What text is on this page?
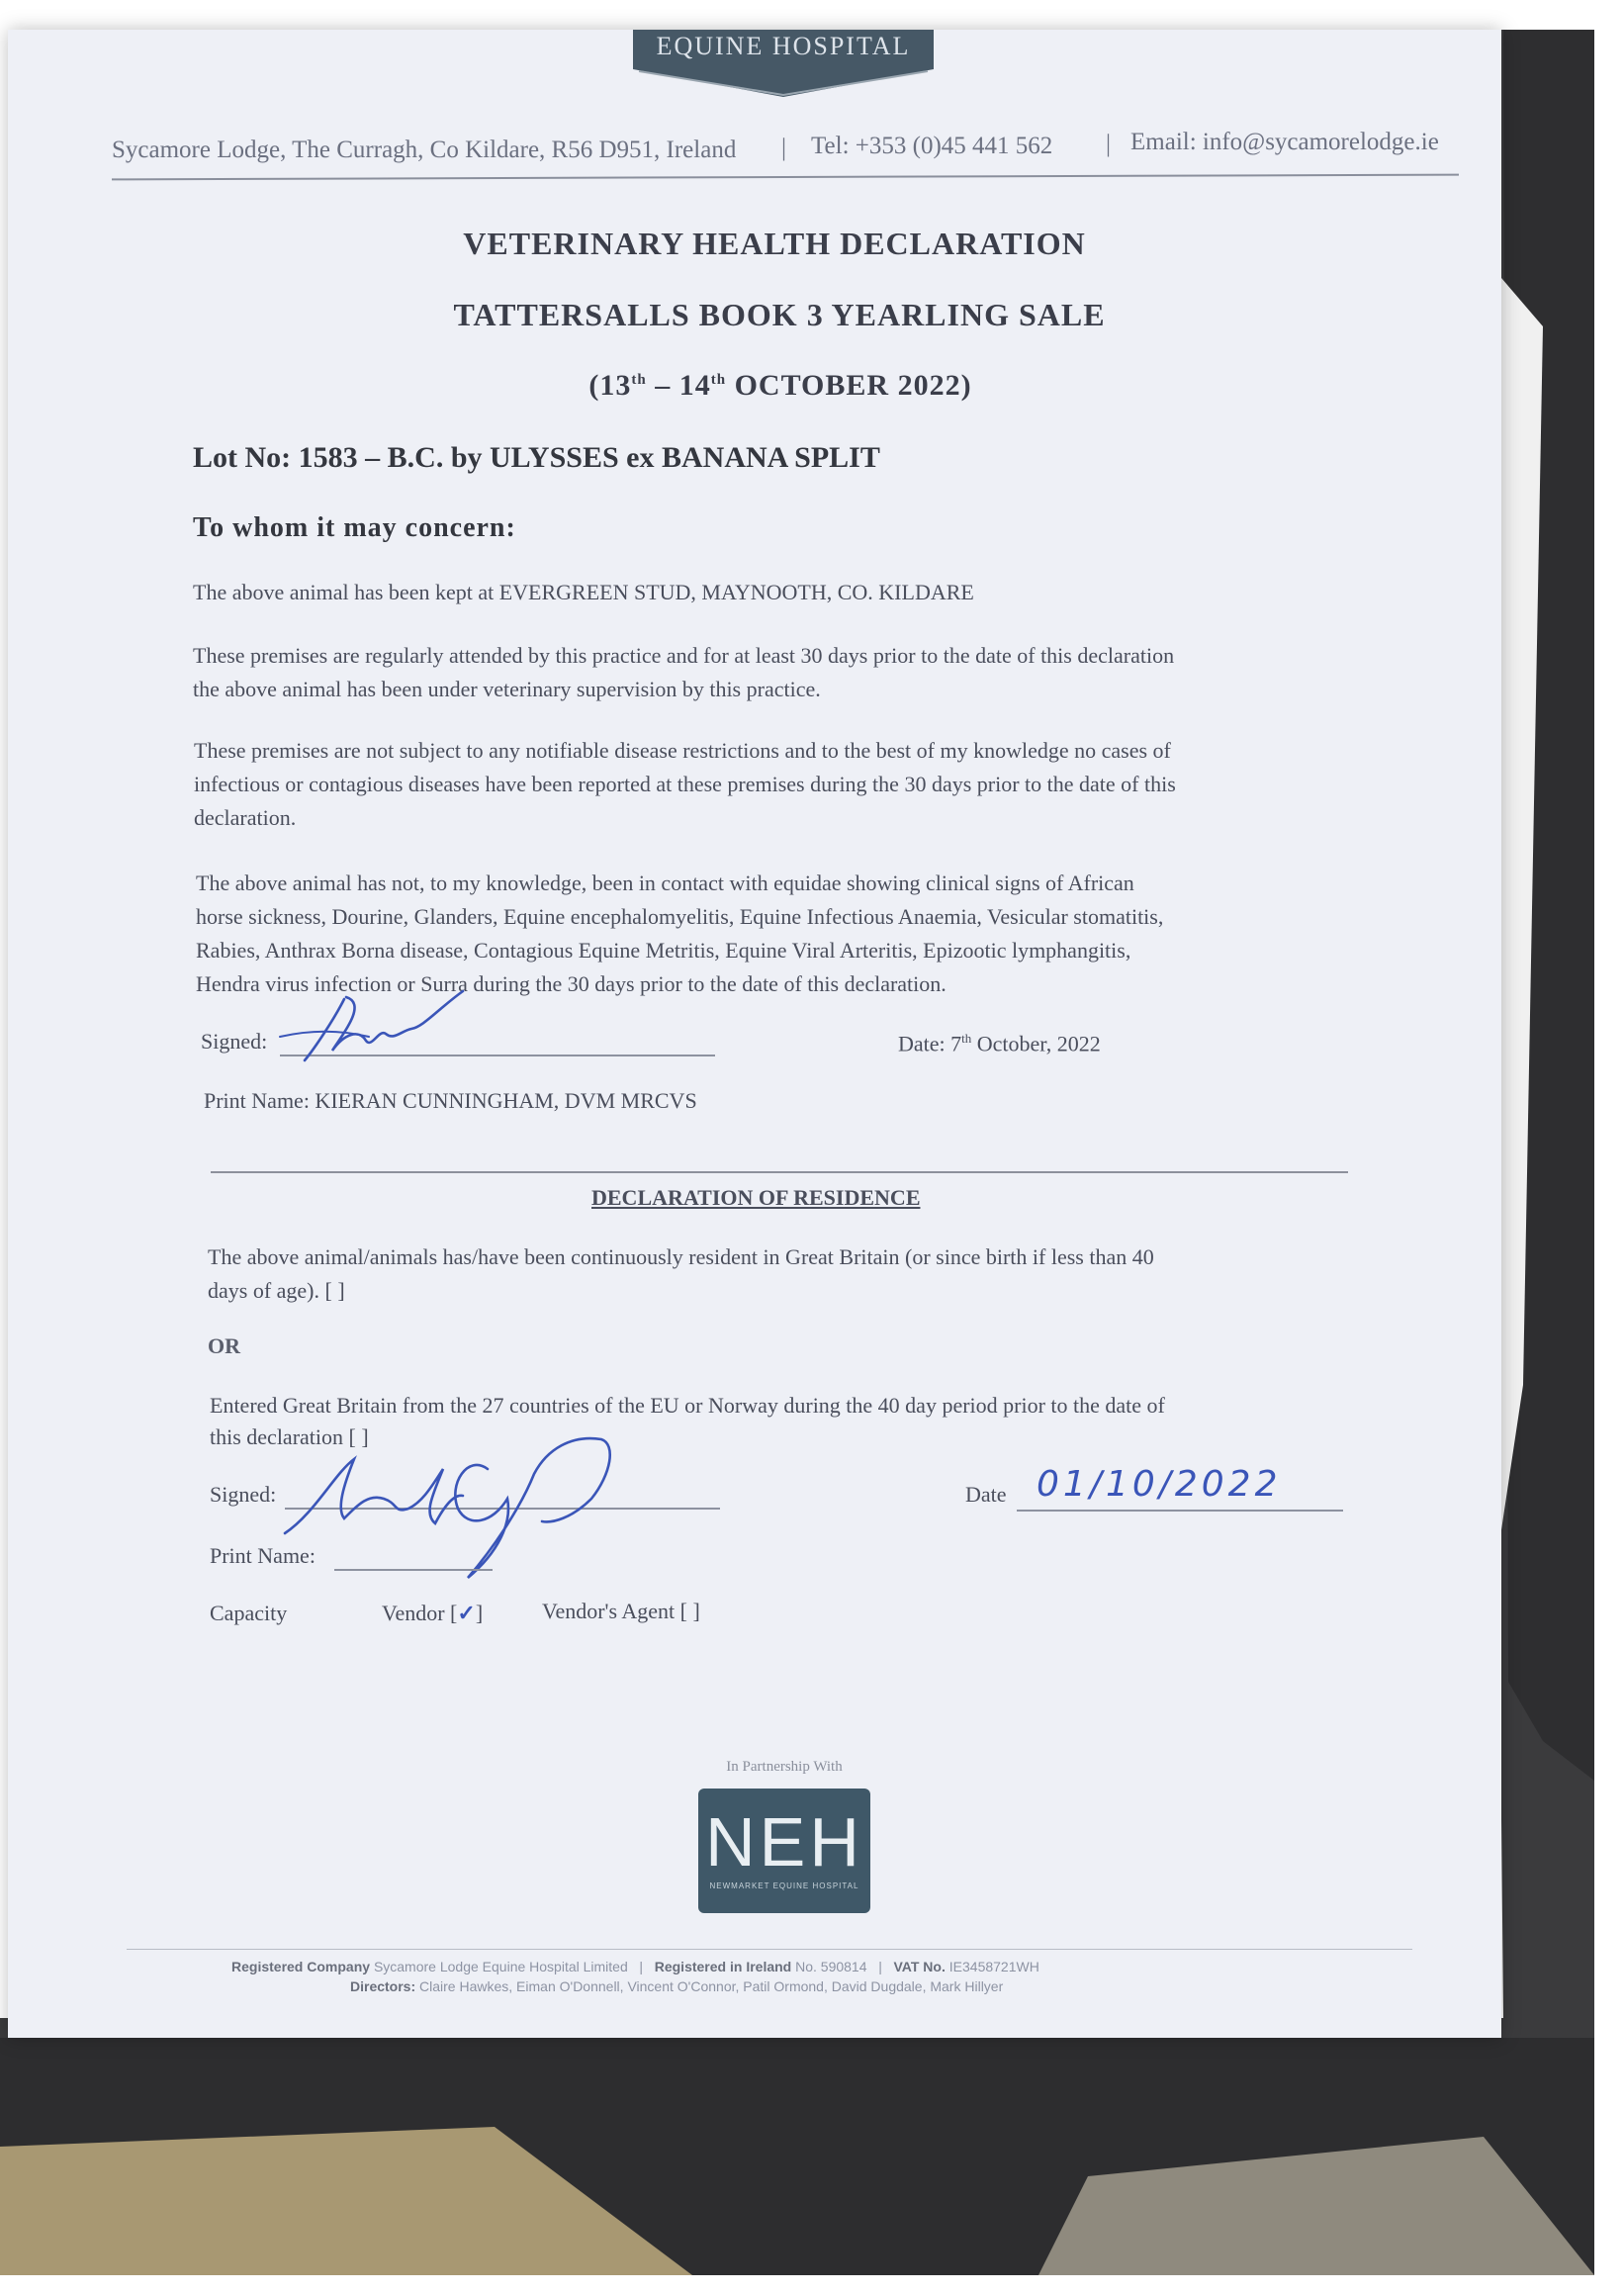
EQUINE HOSPITAL
Sycamore Lodge, The Curragh, Co Kildare, R56 D951, Ireland | Tel: +353 (0)45 441 562 | Email: info@sycamorelodge.ie
VETERINARY HEALTH DECLARATION
TATTERSALLS BOOK 3 YEARLING SALE
(13th – 14th OCTOBER 2022)
Lot No: 1583 – B.C. by ULYSSES ex BANANA SPLIT
To whom it may concern:
The above animal has been kept at EVERGREEN STUD, MAYNOOTH, CO. KILDARE
These premises are regularly attended by this practice and for at least 30 days prior to the date of this declaration
the above animal has been under veterinary supervision by this practice.
These premises are not subject to any notifiable disease restrictions and to the best of my knowledge no cases of
infectious or contagious diseases have been reported at these premises during the 30 days prior to the date of this
declaration.
The above animal has not, to my knowledge, been in contact with equidae showing clinical signs of African
horse sickness, Dourine, Glanders, Equine encephalomyelitis, Equine Infectious Anaemia, Vesicular stomatitis,
Rabies, Anthrax Borna disease, Contagious Equine Metritis, Equine Viral Arteritis, Epizootic lymphangitis,
Hendra virus infection or Surra during the 30 days prior to the date of this declaration.
Signed:	Date: 7th October, 2022
Print Name: KIERAN CUNNINGHAM, DVM MRCVS
DECLARATION OF RESIDENCE
The above animal/animals has/have been continuously resident in Great Britain (or since birth if less than 40
days of age). [ ]
OR
Entered Great Britain from the 27 countries of the EU or Norway during the 40 day period prior to the date of
this declaration [ ]
Signed:	Date 01/10/2022
Print Name:
Capacity	Vendor [✓]	Vendor's Agent [ ]
In Partnership With
NEH
NEWMARKET EQUINE HOSPITAL
Registered Company Sycamore Lodge Equine Hospital Limited | Registered in Ireland No. 590814 | VAT No. IE3458721WH
Directors: Claire Hawkes, Eiman O'Donnell, Vincent O'Connor, Patil Ormond, David Dugdale, Mark Hillyer
